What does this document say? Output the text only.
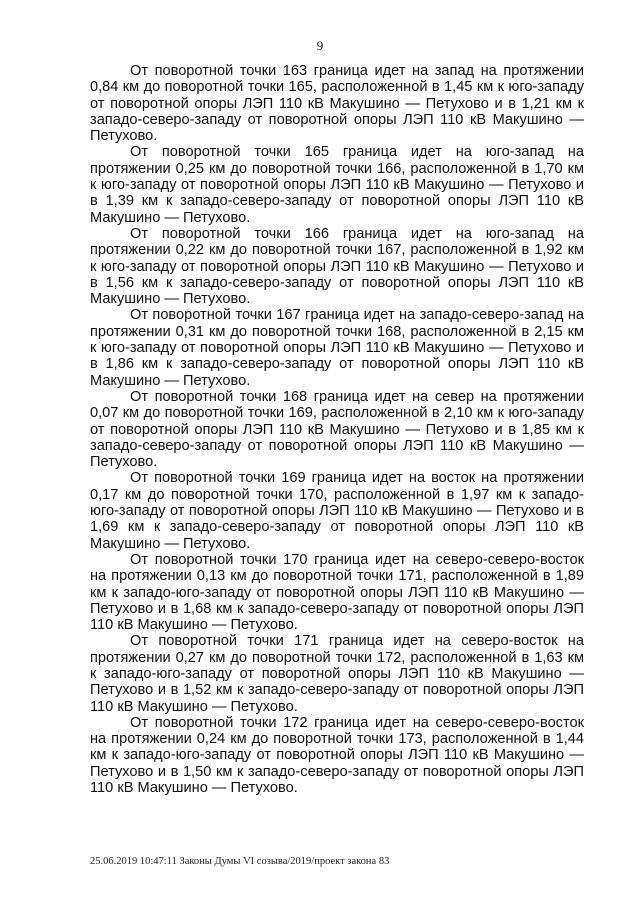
9

От поворотной точки 163 граница идет на запад на протяжении 0,84 км до поворотной точки 165, расположенной в 1,45 км к юго-западу от поворотной опоры ЛЭП 110 кВ Макушино — Петухово и в 1,21 км к западо-северо-западу от поворотной опоры ЛЭП 110 кВ Макушино — Петухово.

От поворотной точки 165 граница идет на юго-запад на протяжении 0,25 км до поворотной точки 166, расположенной в 1,70 км к юго-западу от поворотной опоры ЛЭП 110 кВ Макушино — Петухово и в 1,39 км к западо-северо-западу от поворотной опоры ЛЭП 110 кВ Макушино — Петухово.

От поворотной точки 166 граница идет на юго-запад на протяжении 0,22 км до поворотной точки 167, расположенной в 1,92 км к юго-западу от поворотной опоры ЛЭП 110 кВ Макушино — Петухово и в 1,56 км к западо-северо-западу от поворотной опоры ЛЭП 110 кВ Макушино — Петухово.

От поворотной точки 167 граница идет на западо-северо-запад на протяжении 0,31 км до поворотной точки 168, расположенной в 2,15 км к юго-западу от поворотной опоры ЛЭП 110 кВ Макушино — Петухово и в 1,86 км к западо-северо-западу от поворотной опоры ЛЭП 110 кВ Макушино — Петухово.

От поворотной точки 168 граница идет на север на протяжении 0,07 км до поворотной точки 169, расположенной в 2,10 км к юго-западу от поворотной опоры ЛЭП 110 кВ Макушино — Петухово и в 1,85 км к западо-северо-западу от поворотной опоры ЛЭП 110 кВ Макушино — Петухово.

От поворотной точки 169 граница идет на восток на протяжении 0,17 км до поворотной точки 170, расположенной в 1,97 км к западо-юго-западу от поворотной опоры ЛЭП 110 кВ Макушино — Петухово и в 1,69 км к западо-северо-западу от поворотной опоры ЛЭП 110 кВ Макушино — Петухово.

От поворотной точки 170 граница идет на северо-северо-восток на протяжении 0,13 км до поворотной точки 171, расположенной в 1,89 км к западо-юго-западу от поворотной опоры ЛЭП 110 кВ Макушино — Петухово и в 1,68 км к западо-северо-западу от поворотной опоры ЛЭП 110 кВ Макушино — Петухово.

От поворотной точки 171 граница идет на северо-восток на протяжении 0,27 км до поворотной точки 172, расположенной в 1,63 км к западо-юго-западу от поворотной опоры ЛЭП 110 кВ Макушино — Петухово и в 1,52 км к западо-северо-западу от поворотной опоры ЛЭП 110 кВ Макушино — Петухово.

От поворотной точки 172 граница идет на северо-северо-восток на протяжении 0,24 км до поворотной точки 173, расположенной в 1,44 км к западо-юго-западу от поворотной опоры ЛЭП 110 кВ Макушино — Петухово и в 1,50 км к западо-северо-западу от поворотной опоры ЛЭП 110 кВ Макушино — Петухово.

25.06.2019 10:47:11 Законы Думы VI созыва/2019/проект закона 83
